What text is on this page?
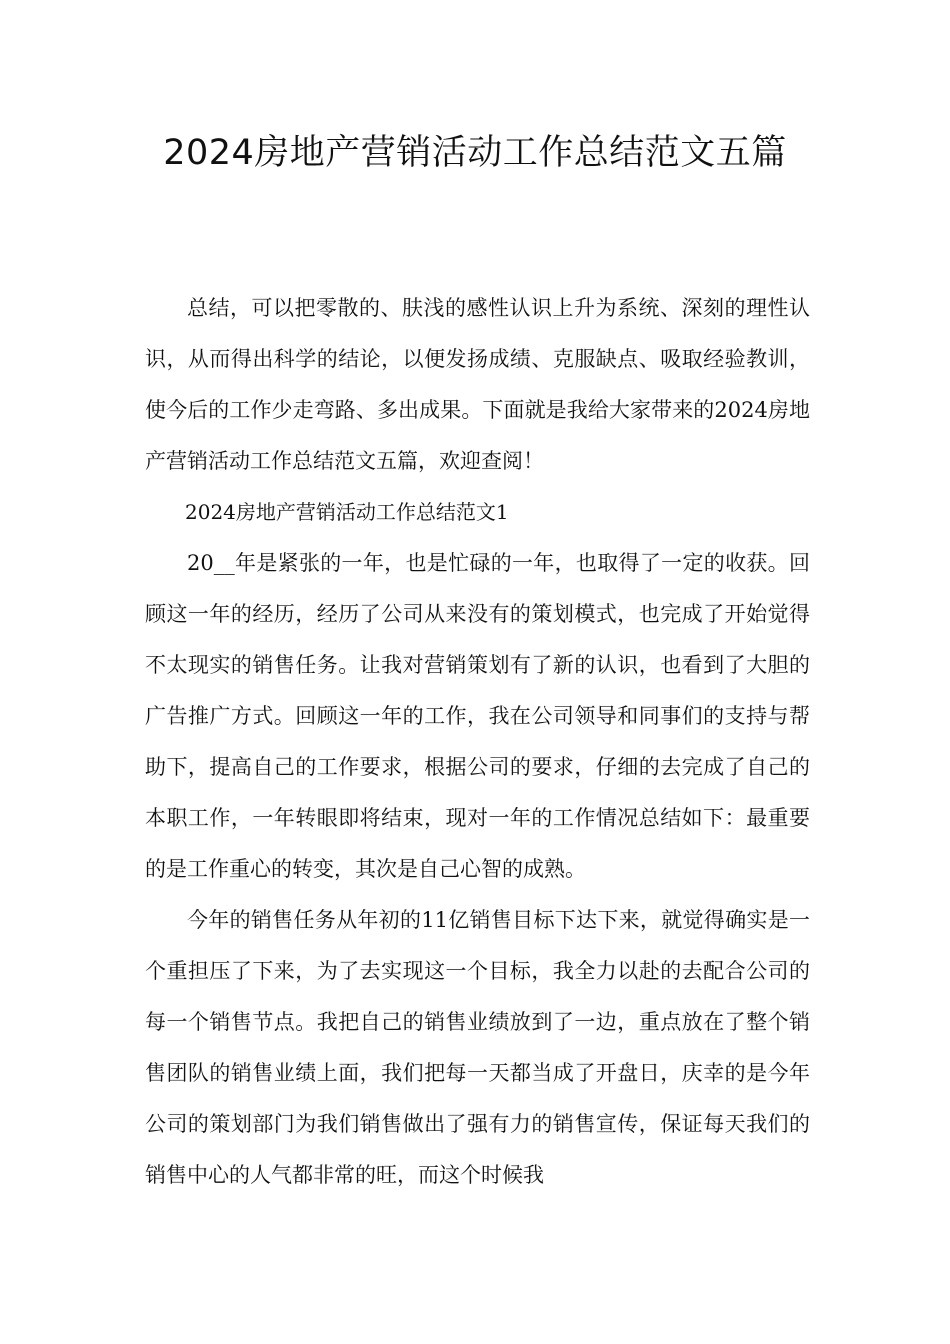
2024房地产营销活动工作总结范文五篇

总结，可以把零散的、肤浅的感性认识上升为系统、深刻的理性认识，从而得出科学的结论，以便发扬成绩、克服缺点、吸取经验教训，使今后的工作少走弯路、多出成果。下面就是我给大家带来的2024房地产营销活动工作总结范文五篇，欢迎查阅！

2024房地产营销活动工作总结范文1

20__年是紧张的一年，也是忙碌的一年，也取得了一定的收获。回顾这一年的经历，经历了公司从来没有的策划模式，也完成了开始觉得不太现实的销售任务。让我对营销策划有了新的认识，也看到了大胆的广告推广方式。回顾这一年的工作，我在公司领导和同事们的支持与帮助下，提高自己的工作要求，根据公司的要求，仔细的去完成了自己的本职工作，一年转眼即将结束，现对一年的工作情况总结如下：最重要的是工作重心的转变，其次是自己心智的成熟。

今年的销售任务从年初的11亿销售目标下达下来，就觉得确实是一个重担压了下来，为了去实现这一个目标，我全力以赴的去配合公司的每一个销售节点。我把自己的销售业绩放到了一边，重点放在了整个销售团队的销售业绩上面，我们把每一天都当成了开盘日，庆幸的是今年公司的策划部门为我们销售做出了强有力的销售宣传，保证每天我们的销售中心的人气都非常的旺，而这个时候我
